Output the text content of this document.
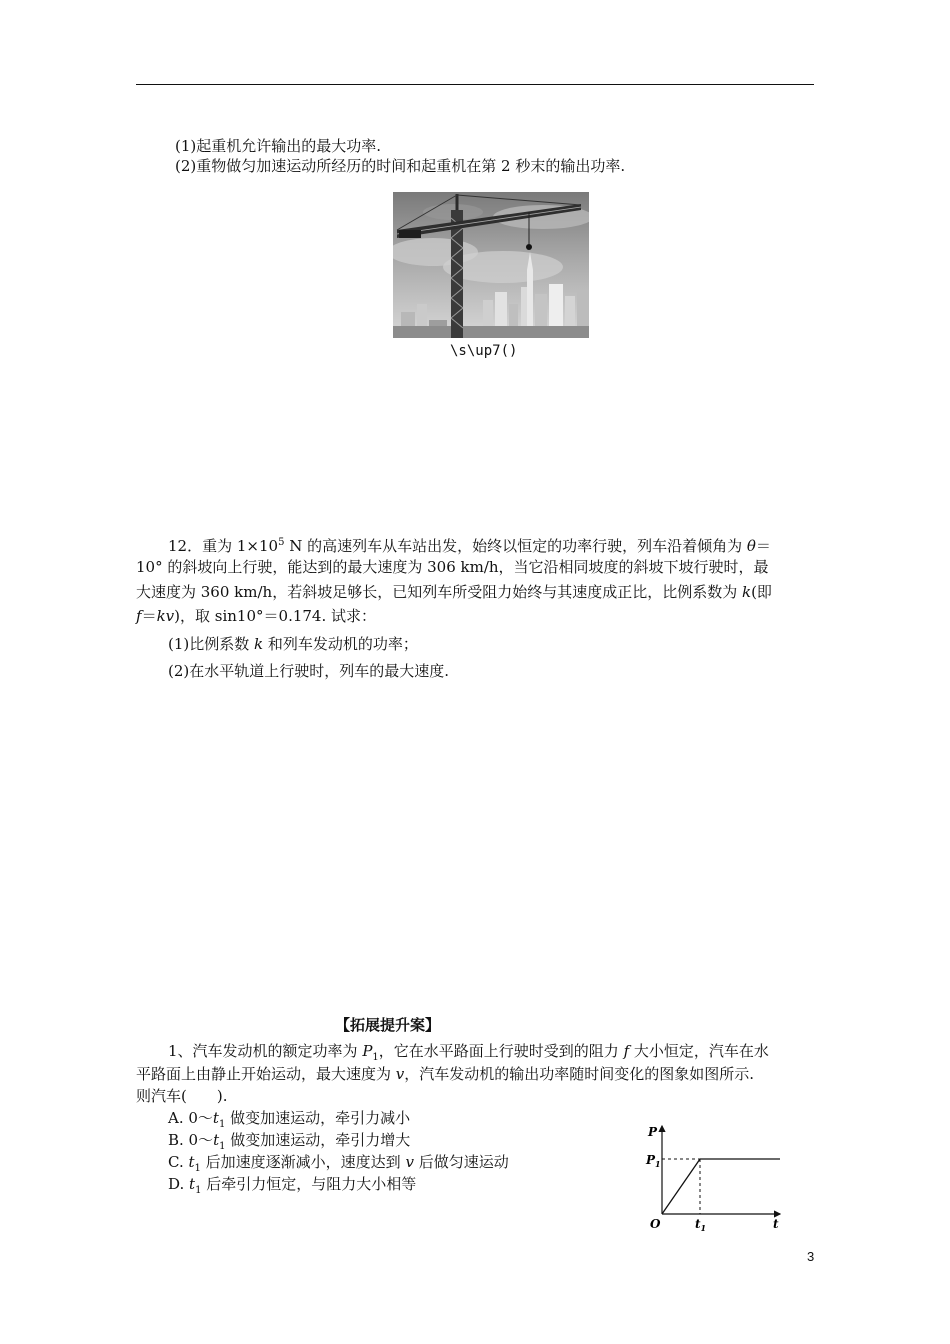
(1)起重机允许输出的最大功率.
(2)重物做匀加速运动所经历的时间和起重机在第 2 秒末的输出功率.
\s\up7()
12．重为 $1\times 10^5$ N 的高速列车从车站出发，始终以恒定的功率行驶，列车沿着倾角为 θ＝
10° 的斜坡向上行驶，能达到的最大速度为 306 km/h，当它沿相同坡度的斜坡下坡行驶时，最
大速度为 360 km/h，若斜坡足够长，已知列车所受阻力始终与其速度成正比，比例系数为 k(即
f＝kv)，取 sin10°＝0.174. 试求：
(1)比例系数 k 和列车发动机的功率；
(2)在水平轨道上行驶时，列车的最大速度.
【拓展提升案】
1、汽车发动机的额定功率为 $P_1$，它在水平路面上行驶时受到的阻力 f 大小恒定，汽车在水
平路面上由静止开始运动，最大速度为 v，汽车发动机的输出功率随时间变化的图象如图所示.
则汽车(　　).
A. $0\sim t_1$ 做变加速运动，牵引力减小
B. $0\sim t_1$ 做变加速运动，牵引力增大
C. $t_1$ 后加速度逐渐减小，速度达到 v 后做匀速运动
D. $t_1$ 后牵引力恒定，与阻力大小相等
P
$P_1$
O	$t_1$	t
3
